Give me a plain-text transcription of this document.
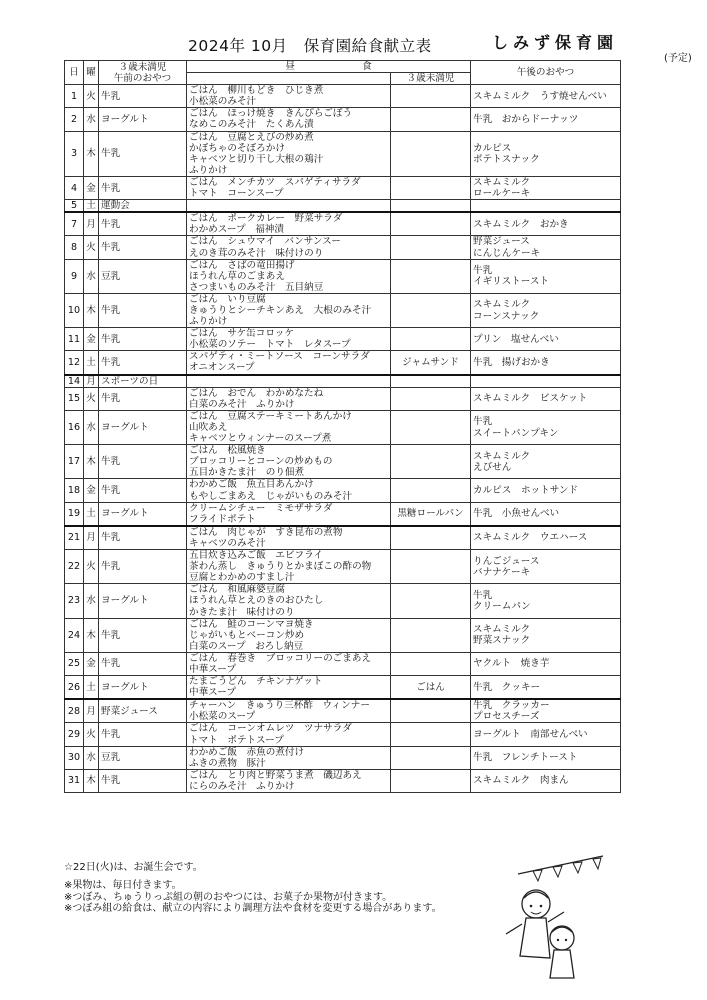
2024年 10月　保育園給食献立表	しみず保育園
(予定)
日	曜	３歳未満児
午前のおやつ	昼　　　　　　　食		午後のおやつ
				３歳未満児	
1	火	牛乳	ごはん　柳川もどき　ひじき煮
小松菜のみそ汁		スキムミルク　うす焼せんべい

2	水	ヨーグルト	ごはん　ほっけ焼き　きんぴらごぼう
なめこのみそ汁　たくあん漬		牛乳　おからドーナッツ

3	木	牛乳	ごはん　豆腐とえびの炒め煮
かぼちゃのそぼろかけ
キャベツと切り干し大根の鶏汁
ふりかけ		カルピス
ポテトスナック

4	金	牛乳	ごはん　メンチカツ　スパゲティサラダ
トマト　コーンスープ		スキムミルク
ロールケーキ

5	土	運動会			
7	月	牛乳	ごはん　ポークカレー　野菜サラダ
わかめスープ　福神漬		スキムミルク　おかき

8	火	牛乳	ごはん　シュウマイ　バンサンスー
えのき茸のみそ汁　味付けのり		野菜ジュース
にんじんケーキ

9	水	豆乳	ごはん　さばの竜田揚げ
ほうれん草のごまあえ
さつまいものみそ汁　五目納豆		牛乳
イギリストースト

10	木	牛乳	ごはん　いり豆腐
きゅうりとシーチキンあえ　大根のみそ汁
ふりかけ		スキムミルク
コーンスナック

11	金	牛乳	ごはん　サケ缶コロッケ
小松菜のソテー　トマト　レタスープ		プリン　塩せんべい

12	土	牛乳	スパゲティ・ミートソース　コーンサラダ
オニオンスープ	ジャムサンド	牛乳　揚げおかき

14	月	スポーツの日			
15	火	牛乳	ごはん　おでん　わかめなたね
白菜のみそ汁　ふりかけ		スキムミルク　ビスケット

16	水	ヨーグルト	ごはん　豆腐ステーキミートあんかけ
山吹あえ
キャベツとウィンナーのスープ煮		牛乳
スイートパンプキン

17	木	牛乳	ごはん　松風焼き
ブロッコリーとコーンの炒めもの
五目かきたま汁　のり佃煮		スキムミルク
えびせん

18	金	牛乳	わかめご飯　魚五目あんかけ
もやしごまあえ　じゃがいものみそ汁		カルピス　ホットサンド

19	土	ヨーグルト	クリームシチュー　ミモザサラダ
フライドポテト	黒糖ロールパン	牛乳　小魚せんべい

21	月	牛乳	ごはん　肉じゃが　すき昆布の煮物
キャベツのみそ汁		スキムミルク　ウエハース

22	火	牛乳	五目炊き込みご飯　エビフライ
茶わん蒸し　きゅうりとかまぼこの酢の物
豆腐とわかめのすまし汁		りんごジュース
バナナケーキ

23	水	ヨーグルト	ごはん　和風麻婆豆腐
ほうれん草とえのきのおひたし
かきたま汁　味付けのり		牛乳
クリームパン

24	木	牛乳	ごはん　鮭のコーンマヨ焼き
じゃがいもとベーコン炒め
白菜のスープ　おろし納豆		スキムミルク
野菜スナック

25	金	牛乳	ごはん　春巻き　ブロッコリーのごまあえ
中華スープ		ヤクルト　焼き芋

26	土	ヨーグルト	たまごうどん　チキンナゲット
中華スープ	ごはん	牛乳　クッキー

28	月	野菜ジュース	チャーハン　きゅうり三杯酢　ウィンナー
小松菜のスープ		牛乳　クラッカー
プロセスチーズ

29	火	牛乳	ごはん　コーンオムレツ　ツナサラダ
トマト　ポテトスープ		ヨーグルト　南部せんべい

30	水	豆乳	わかめご飯　赤魚の煮付け
ふきの煮物　豚汁		牛乳　フレンチトースト

31	木	牛乳	ごはん　とり肉と野菜うま煮　磯辺あえ
にらのみそ汁　ふりかけ		スキムミルク　肉まん
☆22日(火)は、お誕生会です。
※果物は、毎日付きます。
※つぼみ、ちゅうりっぷ組の朝のおやつには、お菓子か果物が付きます。
※つぼみ組の給食は、献立の内容により調理方法や食材を変更する場合があります。
